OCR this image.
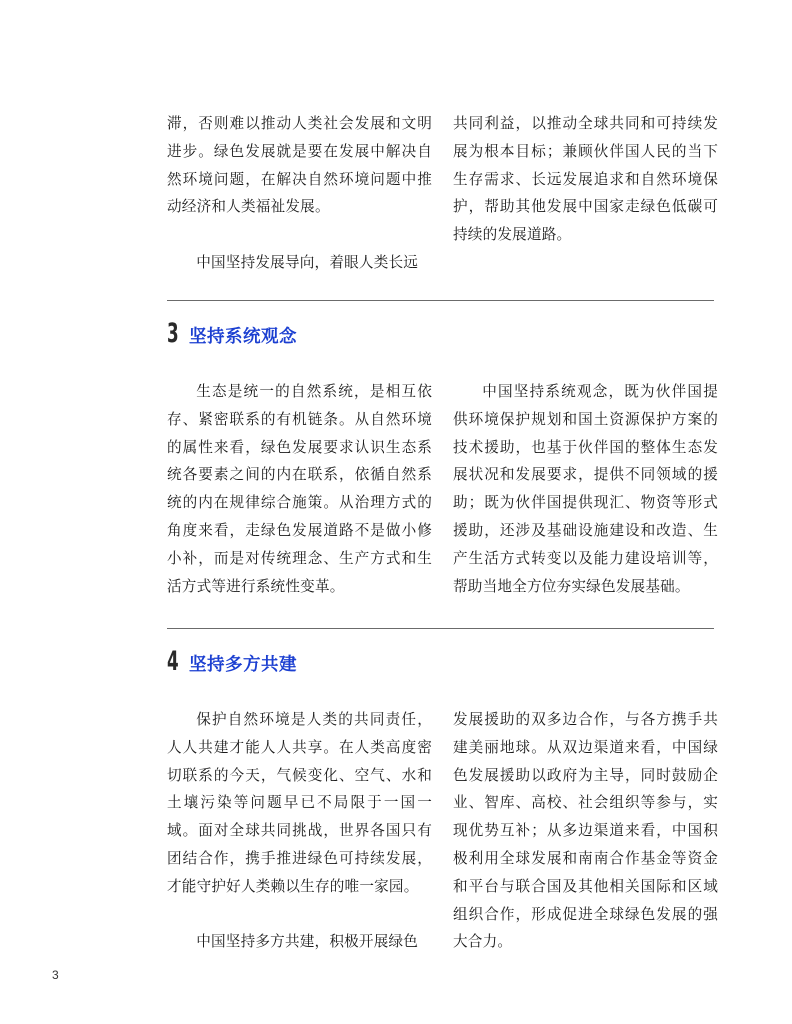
滞，否则难以推动人类社会发展和文明进步。绿色发展就是要在发展中解决自然环境问题，在解决自然环境问题中推动经济和人类福祉发展。

中国坚持发展导向，着眼人类长远

共同利益，以推动全球共同和可持续发展为根本目标；兼顾伙伴国人民的当下生存需求、长远发展追求和自然环境保护，帮助其他发展中国家走绿色低碳可持续的发展道路。

3 坚持系统观念

生态是统一的自然系统，是相互依存、紧密联系的有机链条。从自然环境的属性来看，绿色发展要求认识生态系统各要素之间的内在联系，依循自然系统的内在规律综合施策。从治理方式的角度来看，走绿色发展道路不是做小修小补，而是对传统理念、生产方式和生活方式等进行系统性变革。

中国坚持系统观念，既为伙伴国提供环境保护规划和国土资源保护方案的技术援助，也基于伙伴国的整体生态发展状况和发展要求，提供不同领域的援助；既为伙伴国提供现汇、物资等形式援助，还涉及基础设施建设和改造、生产生活方式转变以及能力建设培训等，帮助当地全方位夯实绿色发展基础。

4 坚持多方共建

保护自然环境是人类的共同责任，人人共建才能人人共享。在人类高度密切联系的今天，气候变化、空气、水和土壤污染等问题早已不局限于一国一域。面对全球共同挑战，世界各国只有团结合作，携手推进绿色可持续发展，才能守护好人类赖以生存的唯一家园。

中国坚持多方共建，积极开展绿色

发展援助的双多边合作，与各方携手共建美丽地球。从双边渠道来看，中国绿色发展援助以政府为主导，同时鼓励企业、智库、高校、社会组织等参与，实现优势互补；从多边渠道来看，中国积极利用全球发展和南南合作基金等资金和平台与联合国及其他相关国际和区域组织合作，形成促进全球绿色发展的强大合力。

3
